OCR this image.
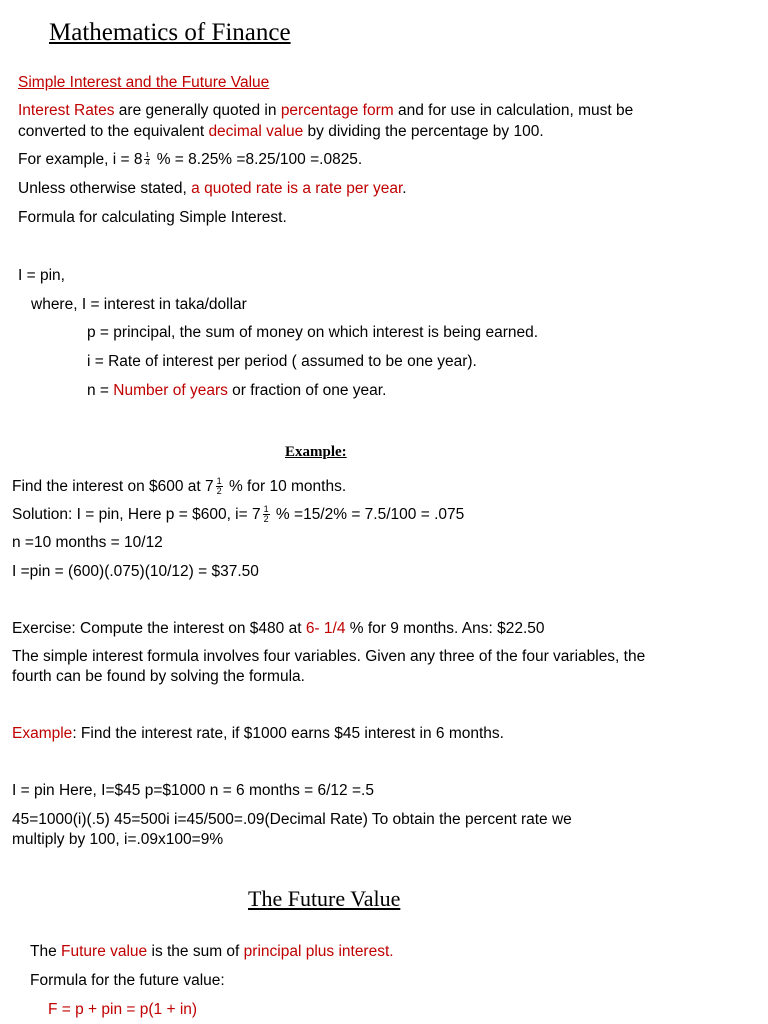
Mathematics of Finance
Simple Interest and the Future Value
Interest Rates are generally quoted in percentage form and for use in calculation, must be
converted to the equivalent decimal value by dividing the percentage by 100.
For example, $i = 8 \frac{1}{4}$ % = 8.25% =8.25/100 =.0825.
Unless otherwise stated, a quoted rate is a rate per year.
Formula for calculating Simple Interest.
I = pin,
where, I = interest in taka/dollar
p = principal, the sum of money on which interest is being earned.
i = Rate of interest per period ( assumed to be one year).
n = Number of years or fraction of one year.
Example:
Find the interest on $600 at $7 \frac{1}{2}$ % for 10 months.
Solution: I = pin, Here p = $600, $i= 7 \frac{1}{2}$ % =15/2% = 7.5/100 = .075
n =10 months = 10/12
I =pin = (600)(.075)(10/12) = $37.50
Exercise: Compute the interest on $480 at 6- 1/4 % for 9 months. Ans: $22.50
The simple interest formula involves four variables. Given any three of the four variables, the
fourth can be found by solving the formula.
Example: Find the interest rate, if $1000 earns $45 interest in 6 months.
I = pin Here, I=$45 p=$1000 n = 6 months = 6/12 =.5
45=1000(i)(.5) 45=500i i=45/500=.09(Decimal Rate) To obtain the percent rate we
multiply by 100, i=.09x100=9%
The Future Value
The Future value is the sum of principal plus interest.
Formula for the future value:
F = p + pin = p(1 + in)
